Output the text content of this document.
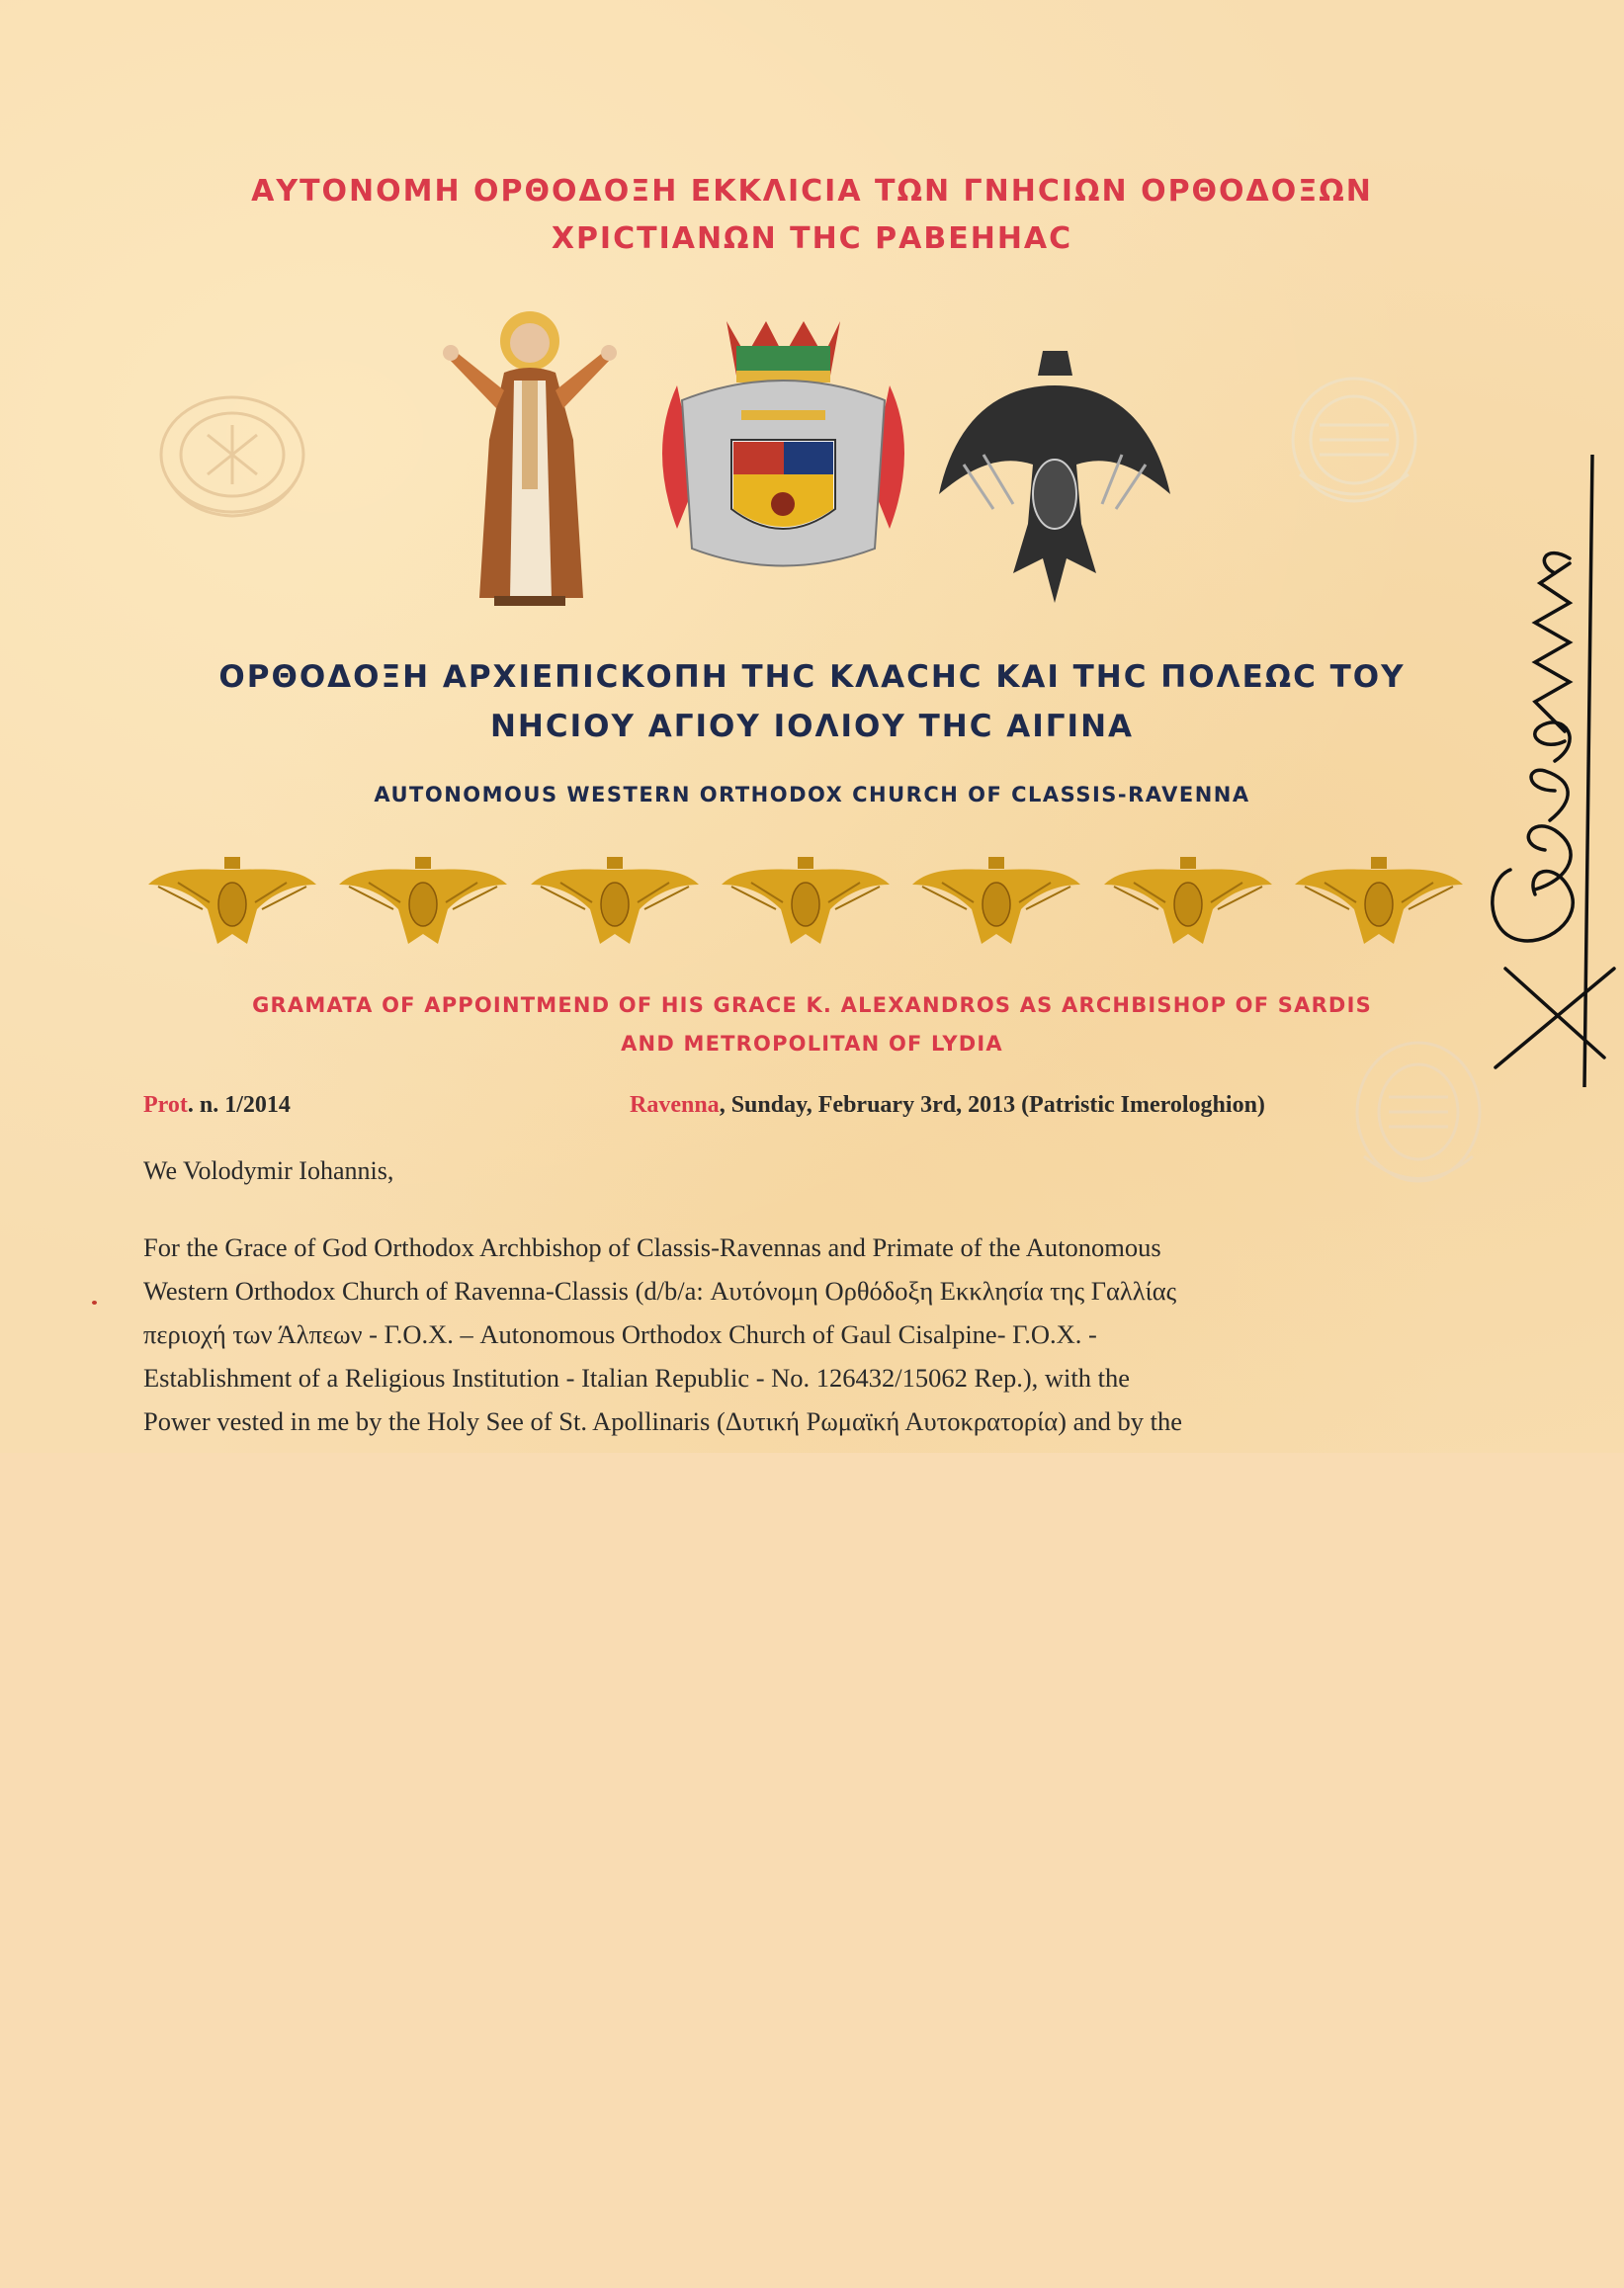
ΑΥΤΟΝΟΜΗ ΟΡΘΟΔΟΞΗ ΕΚΚΛΙCΙΑ ΤΩΝ ΓΝΗCΙΩΝ ΟΡΘΟΔΟΞΩΝ
ΧΡΙCΤΙΑΝΩΝ ΤΗC ΡΑΒΕΗΗΑC
ΟΡΘΟΔΟΞΗ ΑΡΧΙΕΠΙCΚΟΠΗ ΤΗC ΚΛΑCΗC ΚΑΙ ΤΗC ΠΟΛΕΩC ΤΟΥ
ΝΗCΙΟΥ ΑΓΙΟΥ ΙΟΛΙΟΥ ΤΗC ΑΙΓΙΝΑ
AUTONOMOUS WESTERN ORTHODOX CHURCH OF CLASSIS-RAVENNA
GRAMATA OF APPOINTMEND OF HIS GRACE K. ALEXANDROS AS ARCHBISHOP OF SARDIS
AND METROPOLITAN OF LYDIA
Prot. n. 1/2014	Ravenna, Sunday, February 3rd, 2013 (Patristic Imerologhion)
We Volodymir Iohannis,
For the Grace of God Orthodox Archbishop of Classis-Ravennas and Primate of the Autonomous
Western Orthodox Church of Ravenna-Classis (d/b/a: Αυτόνομη Ορθόδοξη Εκκλησία της Γαλλίας
περιοχή των Άλπεων - Γ.Ο.Χ. – Autonomous Orthodox Church of Gaul Cisalpine- Γ.Ο.Χ. -
Establishment of a Religious Institution - Italian Republic - No. 126432/15062 Rep.), with the
Power vested in me by the Holy See of St. Apollinaris (Δυτική Ρωμαϊκή Αυτοκρατορία) and by the
